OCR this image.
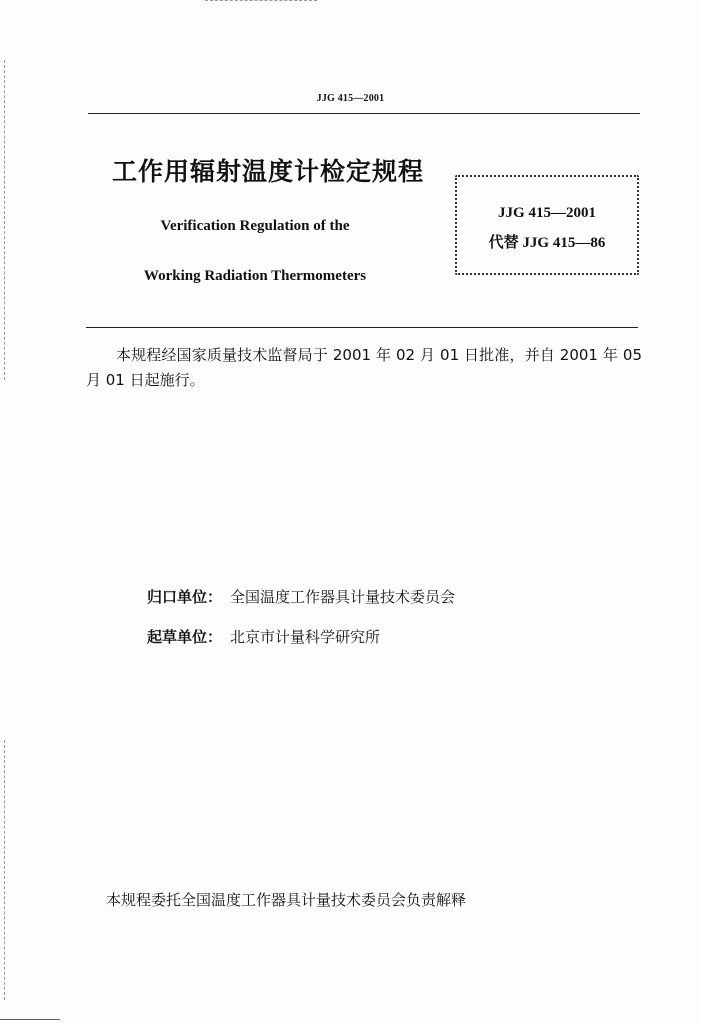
JJG 415—2001
工作用辐射温度计检定规程
Verification Regulation of the
Working Radiation Thermometers
JJG 415—2001
代替 JJG 415—86
本规程经国家质量技术监督局于 2001 年 02 月 01 日批准，并自 2001 年 05 月 01 日起施行。
归口单位： 全国温度工作器具计量技术委员会
起草单位： 北京市计量科学研究所
本规程委托全国温度工作器具计量技术委员会负责解释
